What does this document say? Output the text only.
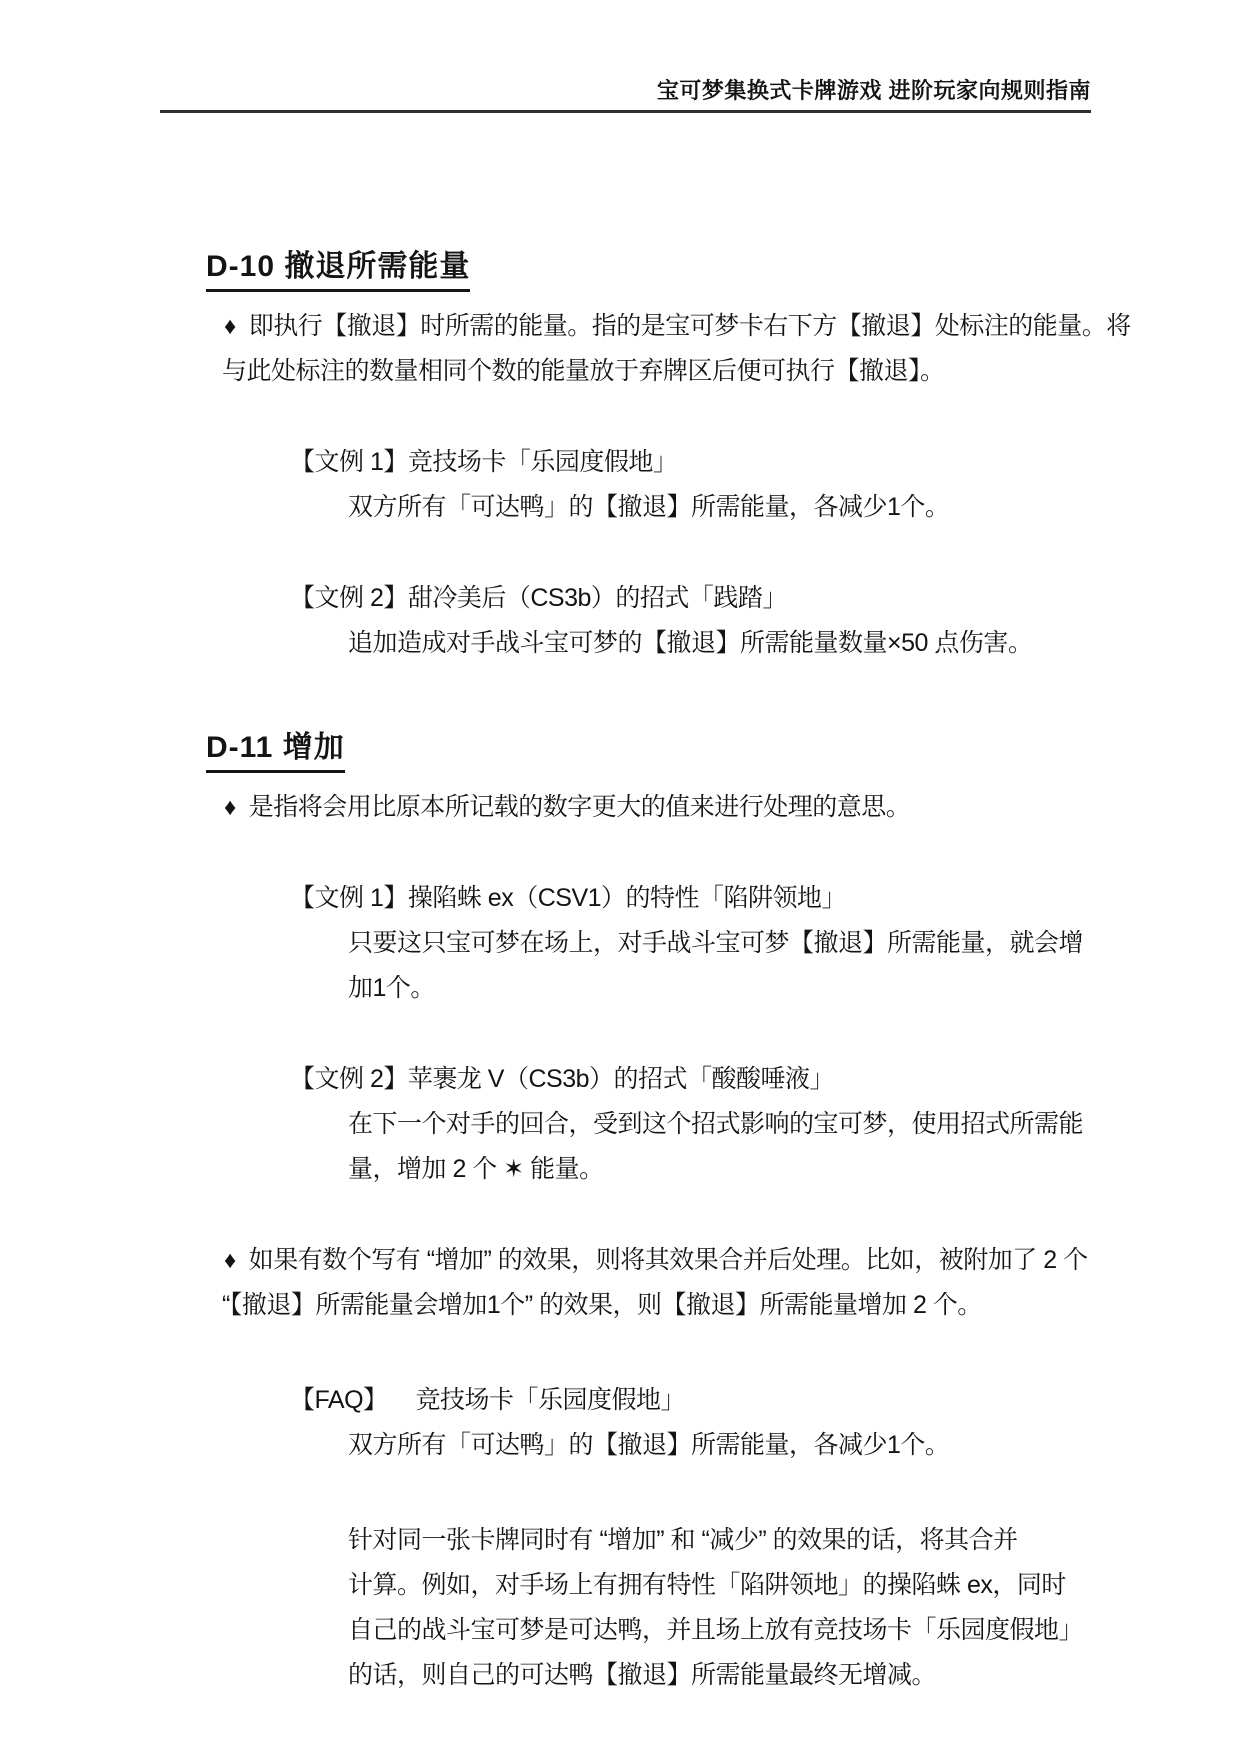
宝可梦集换式卡牌游戏 进阶玩家向规则指南
D-10 撤退所需能量
♦ 即执行【撤退】时所需的能量。指的是宝可梦卡右下方【撤退】处标注的能量。将
与此处标注的数量相同个数的能量放于弃牌区后便可执行【撤退】。
【文例 1】竞技场卡「乐园度假地」
双方所有「可达鸭」的【撤退】所需能量，各减少1个。
【文例 2】甜冷美后（CS3b）的招式「践踏」
追加造成对手战斗宝可梦的【撤退】所需能量数量×50 点伤害。
D-11 增加
♦ 是指将会用比原本所记载的数字更大的值来进行处理的意思。
【文例 1】操陷蛛 ex（CSV1）的特性「陷阱领地」
只要这只宝可梦在场上，对手战斗宝可梦【撤退】所需能量，就会增
加1个。
【文例 2】苹裹龙 V（CS3b）的招式「酸酸唾液」
在下一个对手的回合，受到这个招式影响的宝可梦，使用招式所需能
量，增加 2 个 ✶ 能量。
♦ 如果有数个写有 “增加” 的效果，则将其效果合并后处理。比如，被附加了 2 个
“【撤退】所需能量会增加1个” 的效果，则【撤退】所需能量增加 2 个。
【FAQ】 竞技场卡「乐园度假地」
双方所有「可达鸭」的【撤退】所需能量，各减少1个。
针对同一张卡牌同时有 “增加” 和 “减少” 的效果的话，将其合并
计算。例如，对手场上有拥有特性「陷阱领地」的操陷蛛 ex，同时
自己的战斗宝可梦是可达鸭，并且场上放有竞技场卡「乐园度假地」
的话，则自己的可达鸭【撤退】所需能量最终无增减。
